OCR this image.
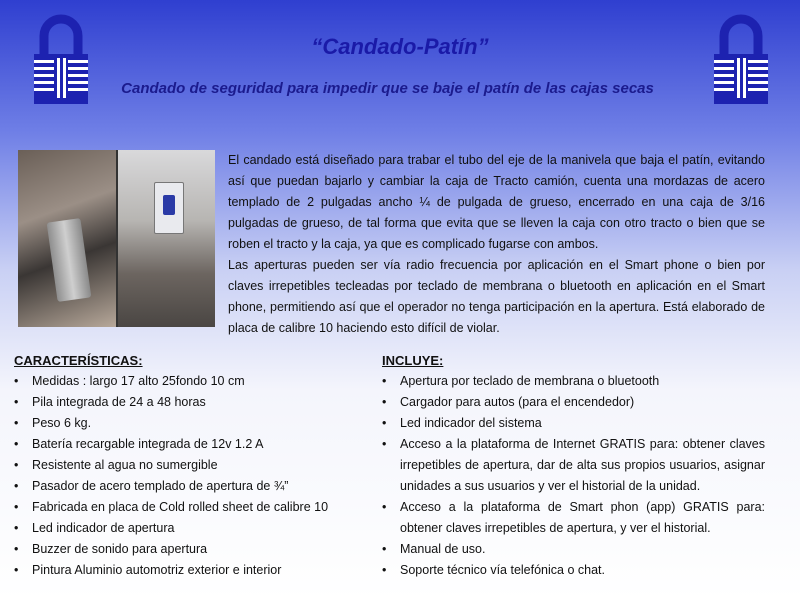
“Candado-Patín”
Candado de seguridad para impedir que se baje el patín de las cajas secas

El candado está diseñado para trabar el tubo del eje de la manivela que baja el patín, evitando así que puedan bajarlo y cambiar la caja de Tracto camión, cuenta una mordazas de acero templado de 2 pulgadas ancho ¼ de pulgada de grueso, encerrado en una caja de 3/16 pulgadas de grueso, de tal forma que evita que se lleven la caja con otro tracto o bien que se roben el tracto y la caja, ya que es complicado fugarse con ambos.

Las aperturas pueden ser vía radio frecuencia por aplicación en el Smart phone o bien por claves irrepetibles tecleadas por teclado de membrana o bluetooth en aplicación en el Smart phone, permitiendo así que el operador no tenga participación en la apertura. Está elaborado de placa de calibre 10 haciendo esto difícil de violar.

CARACTERÍSTICAS:
• Medidas : largo 17 alto 25fondo 10 cm
• Pila integrada de 24 a 48 horas
• Peso 6 kg.
• Batería recargable integrada de 12v 1.2 A
• Resistente al agua no sumergible
• Pasador de acero templado de apertura de ¾”
• Fabricada en placa de Cold rolled sheet de calibre 10
• Led indicador de apertura
• Buzzer de sonido para apertura
• Pintura Aluminio automotriz exterior e interior
INCLUYE:
• Apertura por teclado de membrana o bluetooth
• Cargador para autos (para el encendedor)
• Led indicador del sistema
• Acceso a la plataforma de Internet GRATIS para: obtener claves irrepetibles de apertura, dar de alta sus propios usuarios, asignar unidades a sus usuarios y ver el historial de la unidad.
• Acceso a la plataforma de Smart phon (app) GRATIS para: obtener claves irrepetibles de apertura, y ver el historial.
• Manual de uso.
• Soporte técnico vía telefónica o chat.
